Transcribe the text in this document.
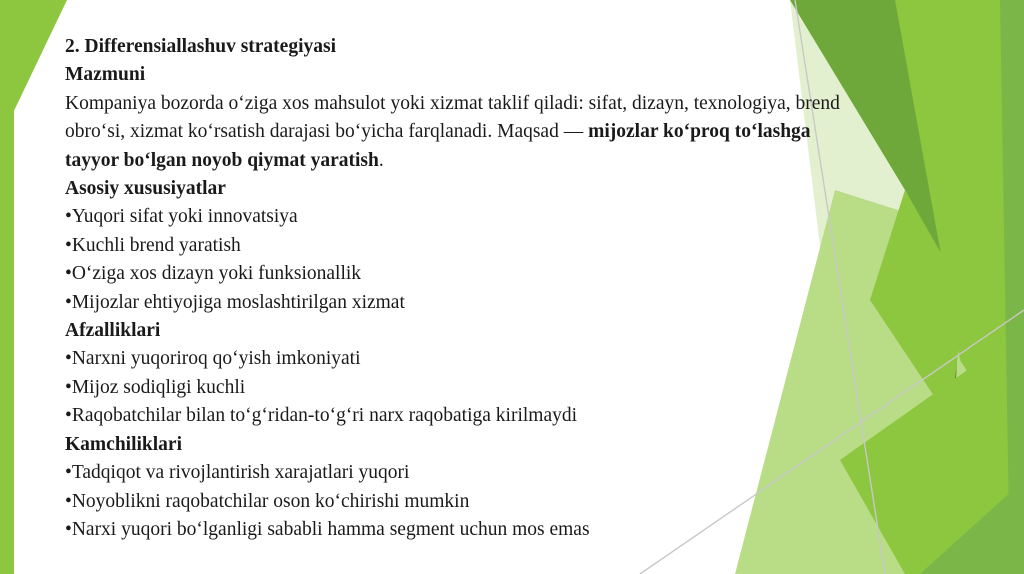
2. Differensiallashuv strategiyasi

Mazmuni

Kompaniya bozorda o‘ziga xos mahsulot yoki xizmat taklif qiladi: sifat, dizayn, texnologiya, brend obro‘si, xizmat ko‘rsatish darajasi bo‘yicha farqlanadi. Maqsad — mijozlar ko‘proq to‘lashga tayyor bo‘lgan noyob qiymat yaratish.

Asosiy xususiyatlar

•Yuqori sifat yoki innovatsiya

•Kuchli brend yaratish

•O‘ziga xos dizayn yoki funksionallik

•Mijozlar ehtiyojiga moslashtirilgan xizmat

Afzalliklari

•Narxni yuqoriroq qo‘yish imkoniyati

•Mijoz sodiqligi kuchli

•Raqobatchilar bilan to‘g‘ridan-to‘g‘ri narx raqobatiga kirilmaydi

Kamchiliklari

•Tadqiqot va rivojlantirish xarajatlari yuqori

•Noyoblikni raqobatchilar oson ko‘chirishi mumkin

•Narxi yuqori bo‘lganligi sababli hamma segment uchun mos emas
